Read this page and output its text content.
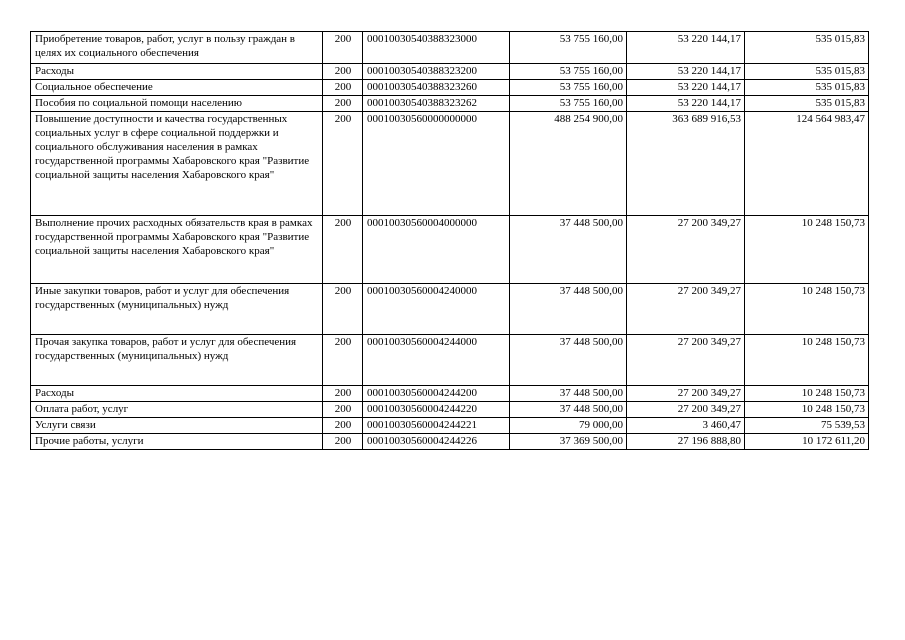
Приобретение товаров, работ, услуг в пользу граждан в целях их социального обеспечения	200	00010030540388323000	53 755 160,00	53 220 144,17	535 015,83
Расходы	200	00010030540388323200	53 755 160,00	53 220 144,17	535 015,83
Социальное обеспечение	200	00010030540388323260	53 755 160,00	53 220 144,17	535 015,83
Пособия по социальной помощи населению	200	00010030540388323262	53 755 160,00	53 220 144,17	535 015,83
Повышение доступности и качества государственных социальных услуг в сфере социальной поддержки и социального обслуживания населения в рамках государственной программы Хабаровского края "Развитие социальной защиты населения Хабаровского края"	200	00010030560000000000	488 254 900,00	363 689 916,53	124 564 983,47
Выполнение прочих расходных обязательств края в рамках государственной программы Хабаровского края "Развитие социальной защиты населения Хабаровского края"	200	00010030560004000000	37 448 500,00	27 200 349,27	10 248 150,73
Иные закупки товаров, работ и услуг для обеспечения государственных (муниципальных) нужд	200	00010030560004240000	37 448 500,00	27 200 349,27	10 248 150,73
Прочая закупка товаров, работ и услуг для обеспечения государственных (муниципальных) нужд	200	00010030560004244000	37 448 500,00	27 200 349,27	10 248 150,73
Расходы	200	00010030560004244200	37 448 500,00	27 200 349,27	10 248 150,73
Оплата работ, услуг	200	00010030560004244220	37 448 500,00	27 200 349,27	10 248 150,73
Услуги связи	200	00010030560004244221	79 000,00	3 460,47	75 539,53
Прочие работы, услуги	200	00010030560004244226	37 369 500,00	27 196 888,80	10 172 611,20
